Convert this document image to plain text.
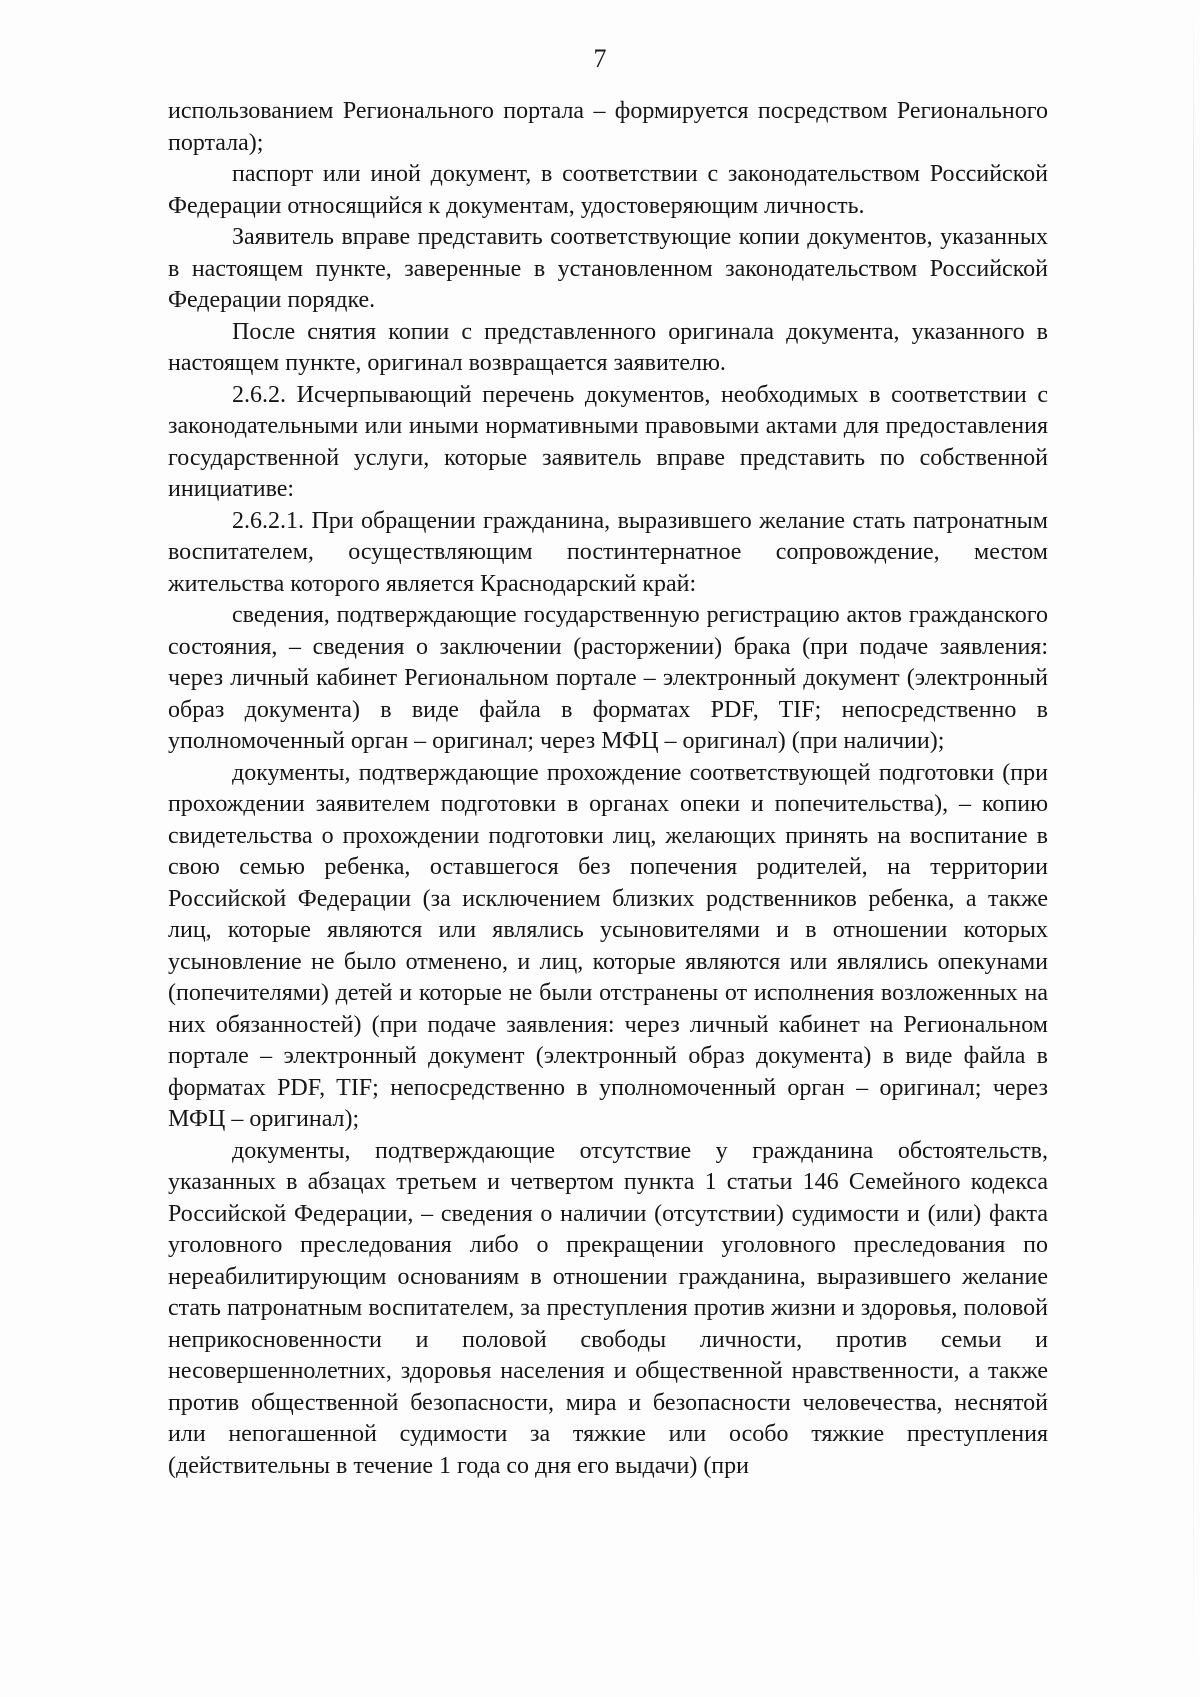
7

использованием Регионального портала – формируется посредством Регионального портала);

паспорт или иной документ, в соответствии с законодательством Российской Федерации относящийся к документам, удостоверяющим личность.

Заявитель вправе представить соответствующие копии документов, указанных в настоящем пункте, заверенные в установленном законодательством Российской Федерации порядке.

После снятия копии с представленного оригинала документа, указанного в настоящем пункте, оригинал возвращается заявителю.

2.6.2. Исчерпывающий перечень документов, необходимых в соответствии с законодательными или иными нормативными правовыми актами для предоставления государственной услуги, которые заявитель вправе представить по собственной инициативе:

2.6.2.1. При обращении гражданина, выразившего желание стать патронатным воспитателем, осуществляющим постинтернатное сопровождение, местом жительства которого является Краснодарский край:

сведения, подтверждающие государственную регистрацию актов гражданского состояния, – сведения о заключении (расторжении) брака (при подаче заявления: через личный кабинет Региональном портале – электронный документ (электронный образ документа) в виде файла в форматах PDF, TIF; непосредственно в уполномоченный орган – оригинал; через МФЦ – оригинал) (при наличии);

документы, подтверждающие прохождение соответствующей подготовки (при прохождении заявителем подготовки в органах опеки и попечительства), – копию свидетельства о прохождении подготовки лиц, желающих принять на воспитание в свою семью ребенка, оставшегося без попечения родителей, на территории Российской Федерации (за исключением близких родственников ребенка, а также лиц, которые являются или являлись усыновителями и в отношении которых усыновление не было отменено, и лиц, которые являются или являлись опекунами (попечителями) детей и которые не были отстранены от исполнения возложенных на них обязанностей) (при подаче заявления: через личный кабинет на Региональном портале – электронный документ (электронный образ документа) в виде файла в форматах PDF, TIF; непосредственно в уполномоченный орган – оригинал; через МФЦ – оригинал);

документы, подтверждающие отсутствие у гражданина обстоятельств, указанных в абзацах третьем и четвертом пункта 1 статьи 146 Семейного кодекса Российской Федерации, – сведения о наличии (отсутствии) судимости и (или) факта уголовного преследования либо о прекращении уголовного преследования по нереабилитирующим основаниям в отношении гражданина, выразившего желание стать патронатным воспитателем, за преступления против жизни и здоровья, половой неприкосновенности и половой свободы личности, против семьи и несовершеннолетних, здоровья населения и общественной нравственности, а также против общественной безопасности, мира и безопасности человечества, неснятой или непогашенной судимости за тяжкие или особо тяжкие преступления (действительны в течение 1 года со дня его выдачи) (при
